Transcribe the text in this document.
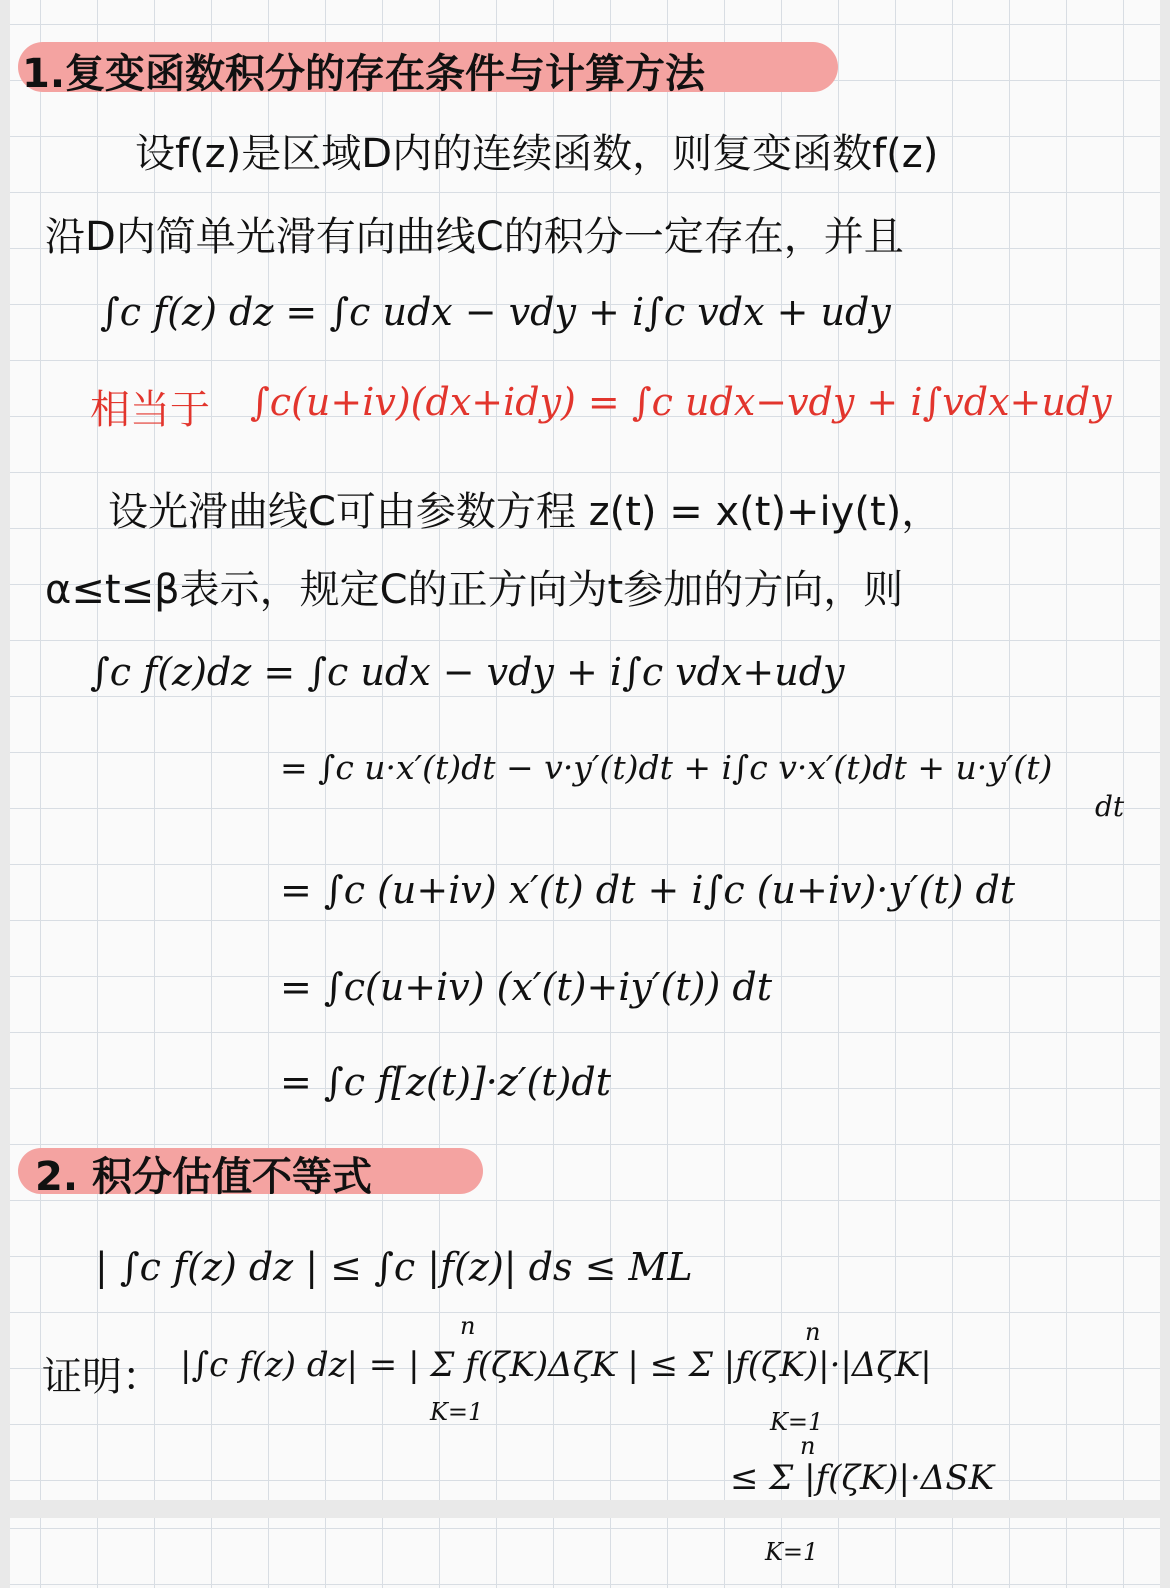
1.复变函数积分的存在条件与计算方法
设f(z)是区域D内的连续函数，则复变函数f(z)
沿D内简单光滑有向曲线C的积分一定存在，并且
∫c f(z) dz = ∫c udx − vdy + i∫c vdx + udy
相当于 ∫c(u+iv)(dx+idy) = ∫c udx−vdy + i∫vdx+udy
设光滑曲线C可由参数方程 z(t) = x(t)+iy(t)，
α≤t≤β表示，规定C的正方向为t参加的方向，则
∫c f(z)dz = ∫c udx − vdy + i∫c vdx+udy
= ∫c u·x′(t)dt − v·y′(t)dt + i∫c v·x′(t)dt + u·y′(t)
dt
= ∫c (u+iv) x′(t) dt + i∫c (u+iv)·y′(t) dt
= ∫c(u+iv) (x′(t)+iy′(t)) dt
= ∫c f[z(t)]·z′(t)dt
2. 积分估值不等式
| ∫c f(z) dz | ≤ ∫c |f(z)| ds ≤ ML
证明： |∫c f(z) dz| = | Σ f(ζK)ΔζK | ≤ Σ |f(ζK)|·|ΔζK|
n
K=1
n
K=1
≤ Σ |f(ζK)|·ΔSK
n
K=1
